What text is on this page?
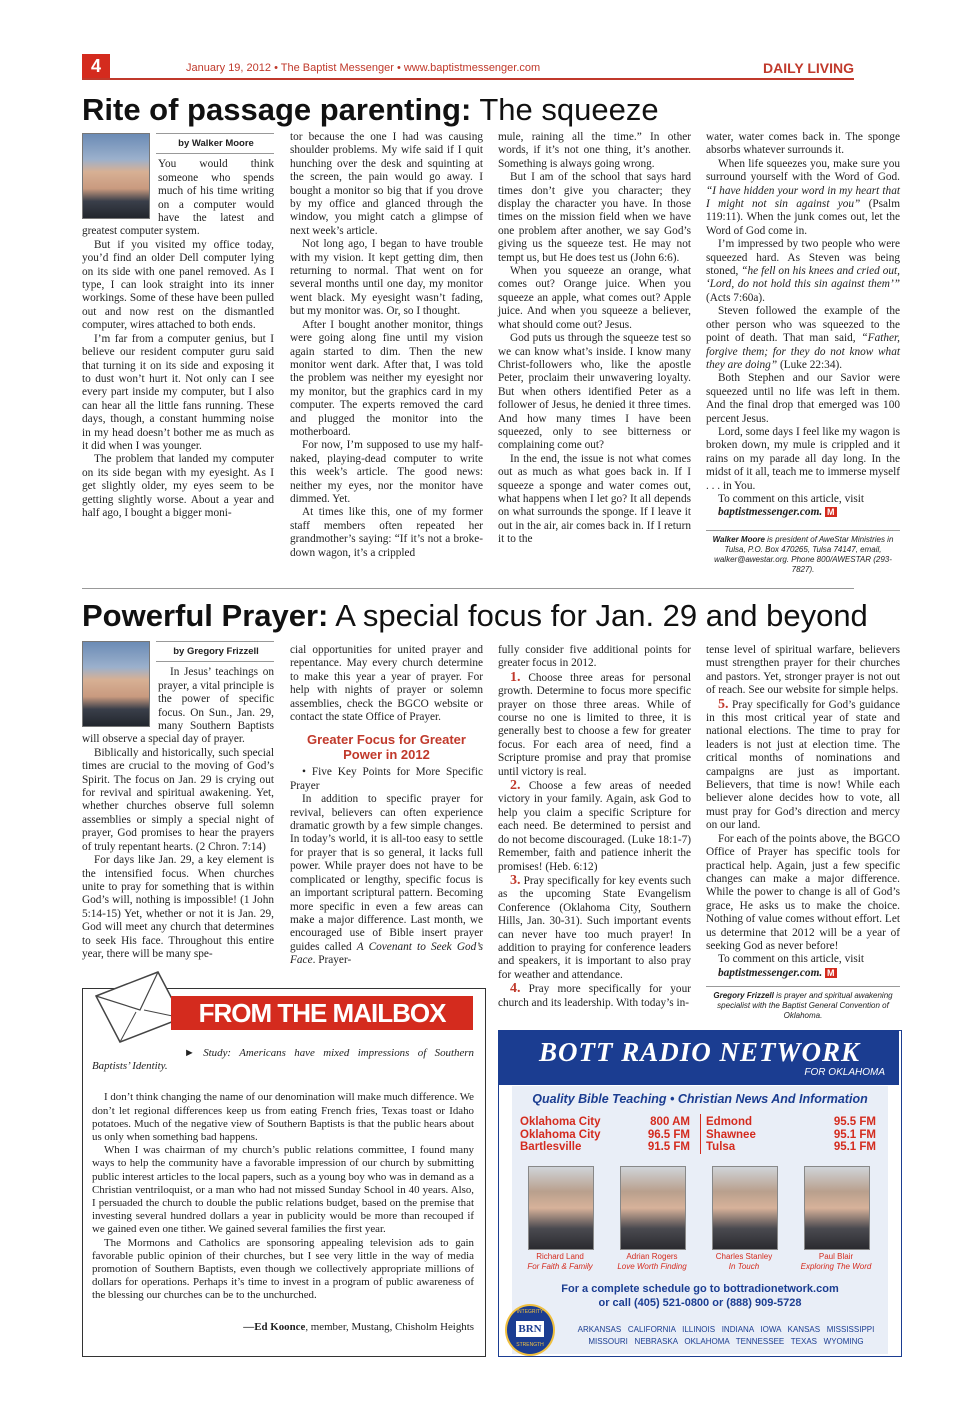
4	January 19, 2012 • The Baptist Messenger • www.baptistmessenger.com	DAILY LIVING
Rite of passage parenting: The squeeze
by Walker Moore

You would think someone who spends much of his time writing on a computer would have the latest and greatest computer system.

But if you visited my office today, you’d find an older Dell computer lying on its side with one panel removed. As I type, I can look straight into its inner workings. Some of these have been pulled out and now rest on the dismantled computer, wires attached to both ends.

I’m far from a computer genius, but I believe our resident computer guru said that turning it on its side and exposing it to dust won’t hurt it. Not only can I see every part inside my computer, but I also can hear all the little fans running. These days, though, a constant humming noise in my head doesn’t bother me as much as it did when I was younger.

The problem that landed my computer on its side began with my eyesight. As I get slightly older, my eyes seem to be getting slightly worse. About a year and half ago, I bought a bigger moni-

tor because the one I had was causing shoulder problems. My wife said if I quit hunching over the desk and squinting at the screen, the pain would go away. I bought a monitor so big that if you drove by my office and glanced through the window, you might catch a glimpse of next week’s article.

Not long ago, I began to have trouble with my vision. It kept getting dim, then returning to normal. That went on for several months until one day, my monitor went black. My eyesight wasn’t fading, but my monitor was. Or, so I thought.

After I bought another monitor, things were going along fine until my vision again started to dim. Then the new monitor went dark. After that, I was told the problem was neither my eyesight nor my monitor, but the graphics card in my computer. The experts removed the card and plugged the monitor into the motherboard.

For now, I’m supposed to use my half-naked, playing-dead computer to write this week’s article. The good news: neither my eyes, nor the monitor have dimmed. Yet.

At times like this, one of my former staff members often repeated her grandmother’s saying: “If it’s not a broke-down wagon, it’s a crippled

mule, raining all the time.” In other words, if it’s not one thing, it’s another. Something is always going wrong.

But I am of the school that says hard times don’t give you character; they display the character you have. In those times on the mission field when we have one problem after another, we say God’s giving us the squeeze test. He may not tempt us, but He does test us (John 6:6).

When you squeeze an orange, what comes out? Orange juice. When you squeeze an apple, what comes out? Apple juice. And when you squeeze a believer, what should come out? Jesus.

God puts us through the squeeze test so we can know what’s inside. I know many Christ-followers who, like the apostle Peter, proclaim their unwavering loyalty. But when others identified Peter as a follower of Jesus, he denied it three times. And how many times I have been squeezed, only to see bitterness or complaining come out?

In the end, the issue is not what comes out as much as what goes back in. If I squeeze a sponge and water comes out, what happens when I let go? It all depends on what surrounds the sponge. If I leave it out in the air, air comes back in. If I return it to the

water, water comes back in. The sponge absorbs whatever surrounds it.

When life squeezes you, make sure you surround yourself with the Word of God. “I have hidden your word in my heart that I might not sin against you” (Psalm 119:11). When the junk comes out, let the Word of God come in.

I’m impressed by two people who were squeezed hard. As Steven was being stoned, “he fell on his knees and cried out, ‘Lord, do not hold this sin against them’” (Acts 7:60a).

Steven followed the example of the other person who was squeezed to the point of death. That man said, “Father, forgive them; for they do not know what they are doing” (Luke 22:34).

Both Stephen and our Savior were squeezed until no life was left in them. And the final drop that emerged was 100 percent Jesus.

Lord, some days I feel like my wagon is broken down, my mule is crippled and it rains on my parade all day long. In the midst of it all, teach me to immerse myself . . . in You.

To comment on this article, visit

baptistmessenger.com. M

Walker Moore is president of AweStar Ministries in Tulsa, P.O. Box 470265, Tulsa 74147, email, walker@awestar.org. Phone 800/AWESTAR (293-7827).
Powerful Prayer: A special focus for Jan. 29 and beyond
by Gregory Frizzell

In Jesus’ teachings on prayer, a vital principle is the power of specific focus. On Sun., Jan. 29, many Southern Baptists will observe a special day of prayer.

Biblically and historically, such special times are crucial to the moving of God’s Spirit. The focus on Jan. 29 is crying out for revival and spiritual awakening. Yet, whether churches observe full solemn assemblies or simply a special night of prayer, God promises to hear the prayers of truly repentant hearts. (2 Chron. 7:14)

For days like Jan. 29, a key element is the intensified focus. When churches unite to pray for something that is within God’s will, nothing is impossible! (1 John 5:14-15) Yet, whether or not it is Jan. 29, God will meet any church that determines to seek His face. Throughout this entire year, there will be many spe-

cial opportunities for united prayer and repentance. May every church determine to make this year a year of prayer. For help with nights of prayer or solemn assemblies, check the BGCO website or contact the state Office of Prayer.

Greater Focus for Greater Power in 2012

• Five Key Points for More Specific Prayer

In addition to specific prayer for revival, believers can often experience dramatic growth by a few simple changes. In today’s world, it is all-too easy to settle for prayer that is so general, it lacks full power. While prayer does not have to be complicated or lengthy, specific focus is an important scriptural pattern. Becoming more specific in even a few areas can make a major difference. Last month, we encouraged use of Bible insert prayer guides called A Covenant to Seek God’s Face. Prayer-

fully consider five additional points for greater focus in 2012.

1. Choose three areas for personal growth. Determine to focus more specific prayer on those three areas. While of course no one is limited to three, it is generally best to choose a few for greater focus. For each area of need, find a Scripture promise and pray that promise until victory is real.

2. Choose a few areas of needed victory in your family. Again, ask God to help you claim a specific Scripture for each need. Be determined to persist and do not become discouraged. (Luke 18:1-7) Remember, faith and patience inherit the promises! (Heb. 6:12)

3. Pray specifically for key events such as the upcoming State Evangelism Conference (Oklahoma City, Southern Hills, Jan. 30-31). Such important events can never have too much prayer! In addition to praying for conference leaders and speakers, it is important to also pray for weather and attendance.

4. Pray more specifically for your church and its leadership. With today’s in-

tense level of spiritual warfare, believers must strengthen prayer for their churches and pastors. Yet, stronger prayer is not out of reach. See our website for simple helps.

5. Pray specifically for God’s guidance in this most critical year of state and national elections. The time to pray for leaders is not just at election time. The critical months of nominations and campaigns are just as important. Believers, that time is now! While each believer alone decides how to vote, all must pray for God’s direction and mercy on our land.

For each of the points above, the BGCO Office of Prayer has specific tools for practical help. Again, just a few specific changes can make a major difference. While the power to change is all of God’s grace, He asks us to make the choice. Nothing of value comes without effort. Let us determine that 2012 will be a year of seeking God as never before!

To comment on this article, visit

baptistmessenger.com. M

Gregory Frizzell is prayer and spiritual awakening specialist with the Baptist General Convention of Oklahoma.
FROM THE MAILBOX

► Study: Americans have mixed impressions of Southern Baptists’ Identity.

I don’t think changing the name of our denomination will make much difference. We don’t let regional differences keep us from eating French fries, Texas toast or Idaho potatoes. Much of the negative view of Southern Baptists is that the public hears about us only when something bad happens.

When I was chairman of my church’s public relations committee, I found many ways to help the community have a favorable impression of our church by submitting public interest articles to the local papers, such as a young boy who was in demand as a Christian ventriloquist, or a man who had not missed Sunday School in 40 years. Also, I persuaded the church to double the public relations budget, based on the premise that investing several hundred dollars a year in publicity would be more than recouped if we gained even one tither. We gained several families the first year.

The Mormons and Catholics are sponsoring appealing television ads to gain favorable public opinion of their churches, but I see very little in the way of media promotion of Southern Baptists, even though we collectively appropriate millions of dollars for operations. Perhaps it’s time to invest in a program of public awareness of the blessing our churches can be to the unchurched.

—Ed Koonce, member, Mustang, Chisholm Heights

BOTT RADIO NETWORK
FOR OKLAHOMA
Quality Bible Teaching • Christian News And Information
Oklahoma City	800 AM
Oklahoma City	96.5 FM
Bartlesville	91.5 FM
Edmond	95.5 FM
Shawnee	95.1 FM
Tulsa	95.1 FM
Richard Land
For Faith & Family
Adrian Rogers
Love Worth Finding
Charles Stanley
In Touch
Paul Blair
Exploring The Word
For a complete schedule go to bottradionetwork.com
or call (405) 521-0800 or (888) 909-5728
INTEGRITY
BRN
STRENGTH
ARKANSAS   CALIFORNIA   ILLINOIS   INDIANA   IOWA   KANSAS   MISSISSIPPI
MISSOURI   NEBRASKA   OKLAHOMA   TENNESSEE   TEXAS   WYOMING
